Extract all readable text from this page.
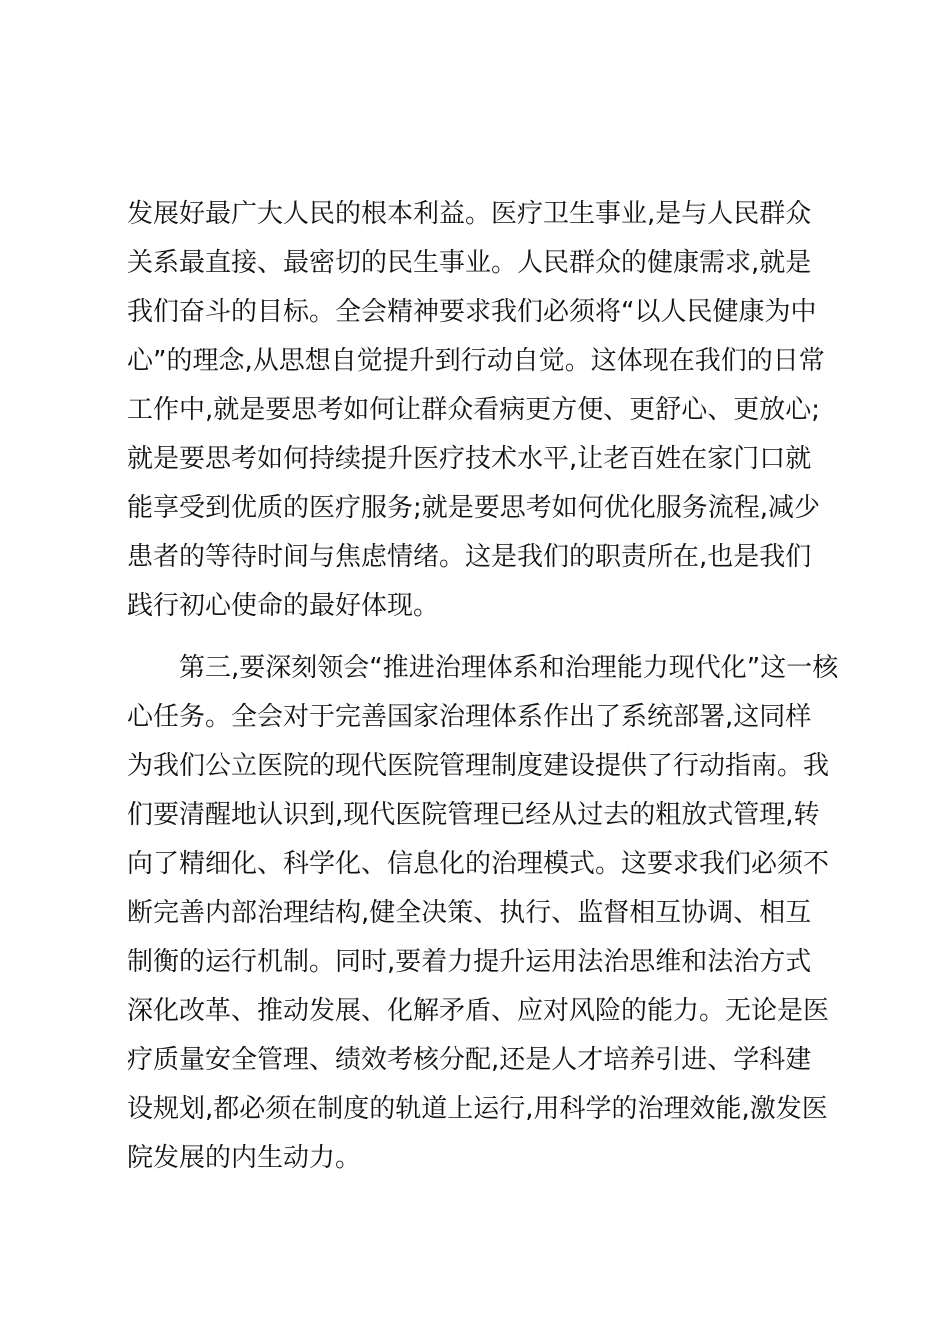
发展好最广大人民的根本利益。医疗卫生事业,是与人民群众
关系最直接、最密切的民生事业。人民群众的健康需求,就是
我们奋斗的目标。全会精神要求我们必须将“以人民健康为中
心”的理念,从思想自觉提升到行动自觉。这体现在我们的日常
工作中,就是要思考如何让群众看病更方便、更舒心、更放心;
就是要思考如何持续提升医疗技术水平,让老百姓在家门口就
能享受到优质的医疗服务;就是要思考如何优化服务流程,减少
患者的等待时间与焦虑情绪。这是我们的职责所在,也是我们
践行初心使命的最好体现。
第三,要深刻领会“推进治理体系和治理能力现代化”这一核
心任务。全会对于完善国家治理体系作出了系统部署,这同样
为我们公立医院的现代医院管理制度建设提供了行动指南。我
们要清醒地认识到,现代医院管理已经从过去的粗放式管理,转
向了精细化、科学化、信息化的治理模式。这要求我们必须不
断完善内部治理结构,健全决策、执行、监督相互协调、相互
制衡的运行机制。同时,要着力提升运用法治思维和法治方式
深化改革、推动发展、化解矛盾、应对风险的能力。无论是医
疗质量安全管理、绩效考核分配,还是人才培养引进、学科建
设规划,都必须在制度的轨道上运行,用科学的治理效能,激发医
院发展的内生动力。
